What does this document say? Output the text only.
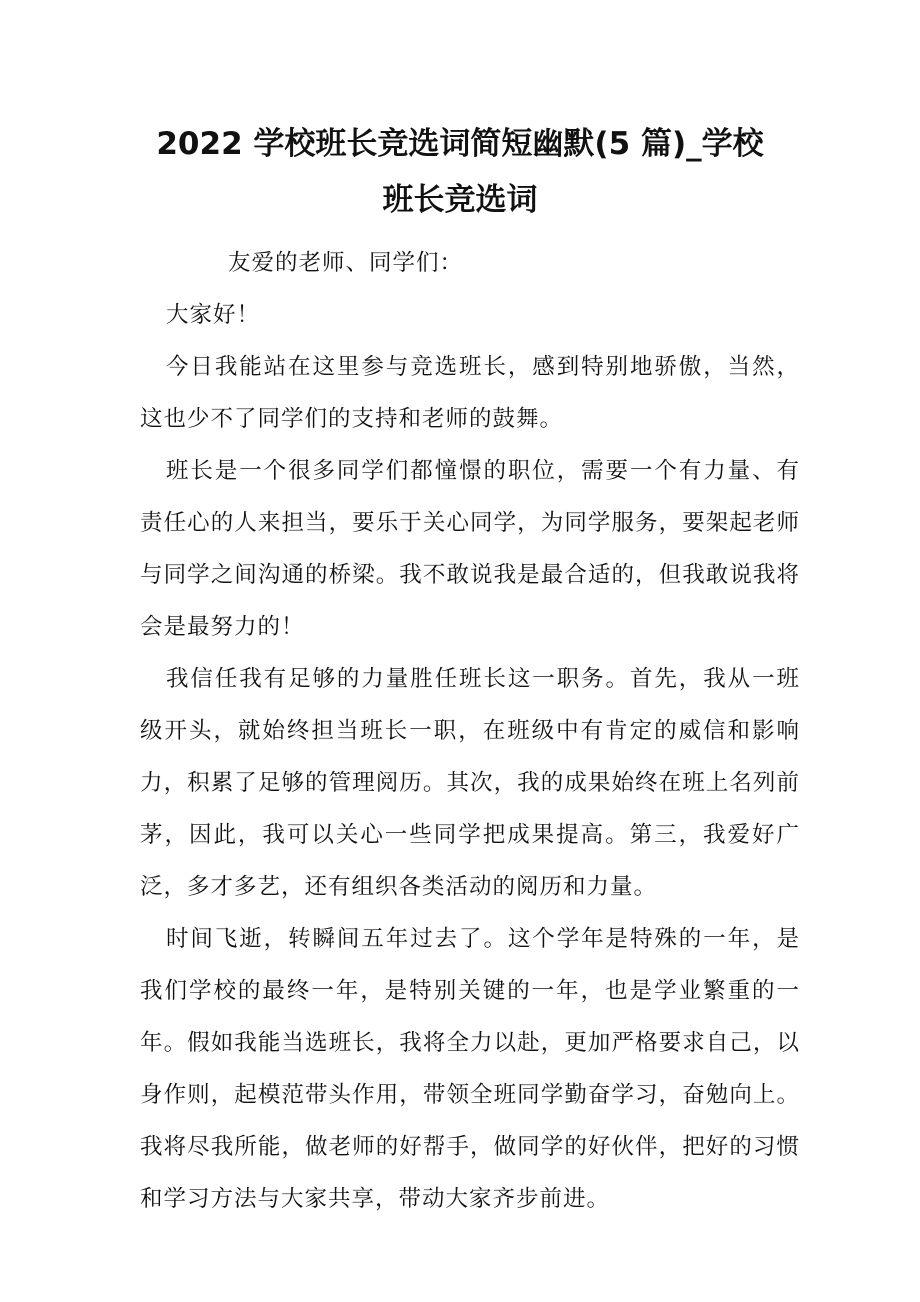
2022 学校班长竞选词简短幽默(5 篇)_学校
班长竞选词

友爱的老师、同学们：

大家好！

今日我能站在这里参与竞选班长，感到特别地骄傲，当然，这也少不了同学们的支持和老师的鼓舞。

班长是一个很多同学们都憧憬的职位，需要一个有力量、有责任心的人来担当，要乐于关心同学，为同学服务，要架起老师与同学之间沟通的桥梁。我不敢说我是最合适的，但我敢说我将会是最努力的！

我信任我有足够的力量胜任班长这一职务。首先，我从一班级开头，就始终担当班长一职，在班级中有肯定的威信和影响力，积累了足够的管理阅历。其次，我的成果始终在班上名列前茅，因此，我可以关心一些同学把成果提高。第三，我爱好广泛，多才多艺，还有组织各类活动的阅历和力量。

时间飞逝，转瞬间五年过去了。这个学年是特殊的一年，是我们学校的最终一年，是特别关键的一年，也是学业繁重的一年。假如我能当选班长，我将全力以赴，更加严格要求自己，以身作则，起模范带头作用，带领全班同学勤奋学习，奋勉向上。我将尽我所能，做老师的好帮手，做同学的好伙伴，把好的习惯和学习方法与大家共享，带动大家齐步前进。
